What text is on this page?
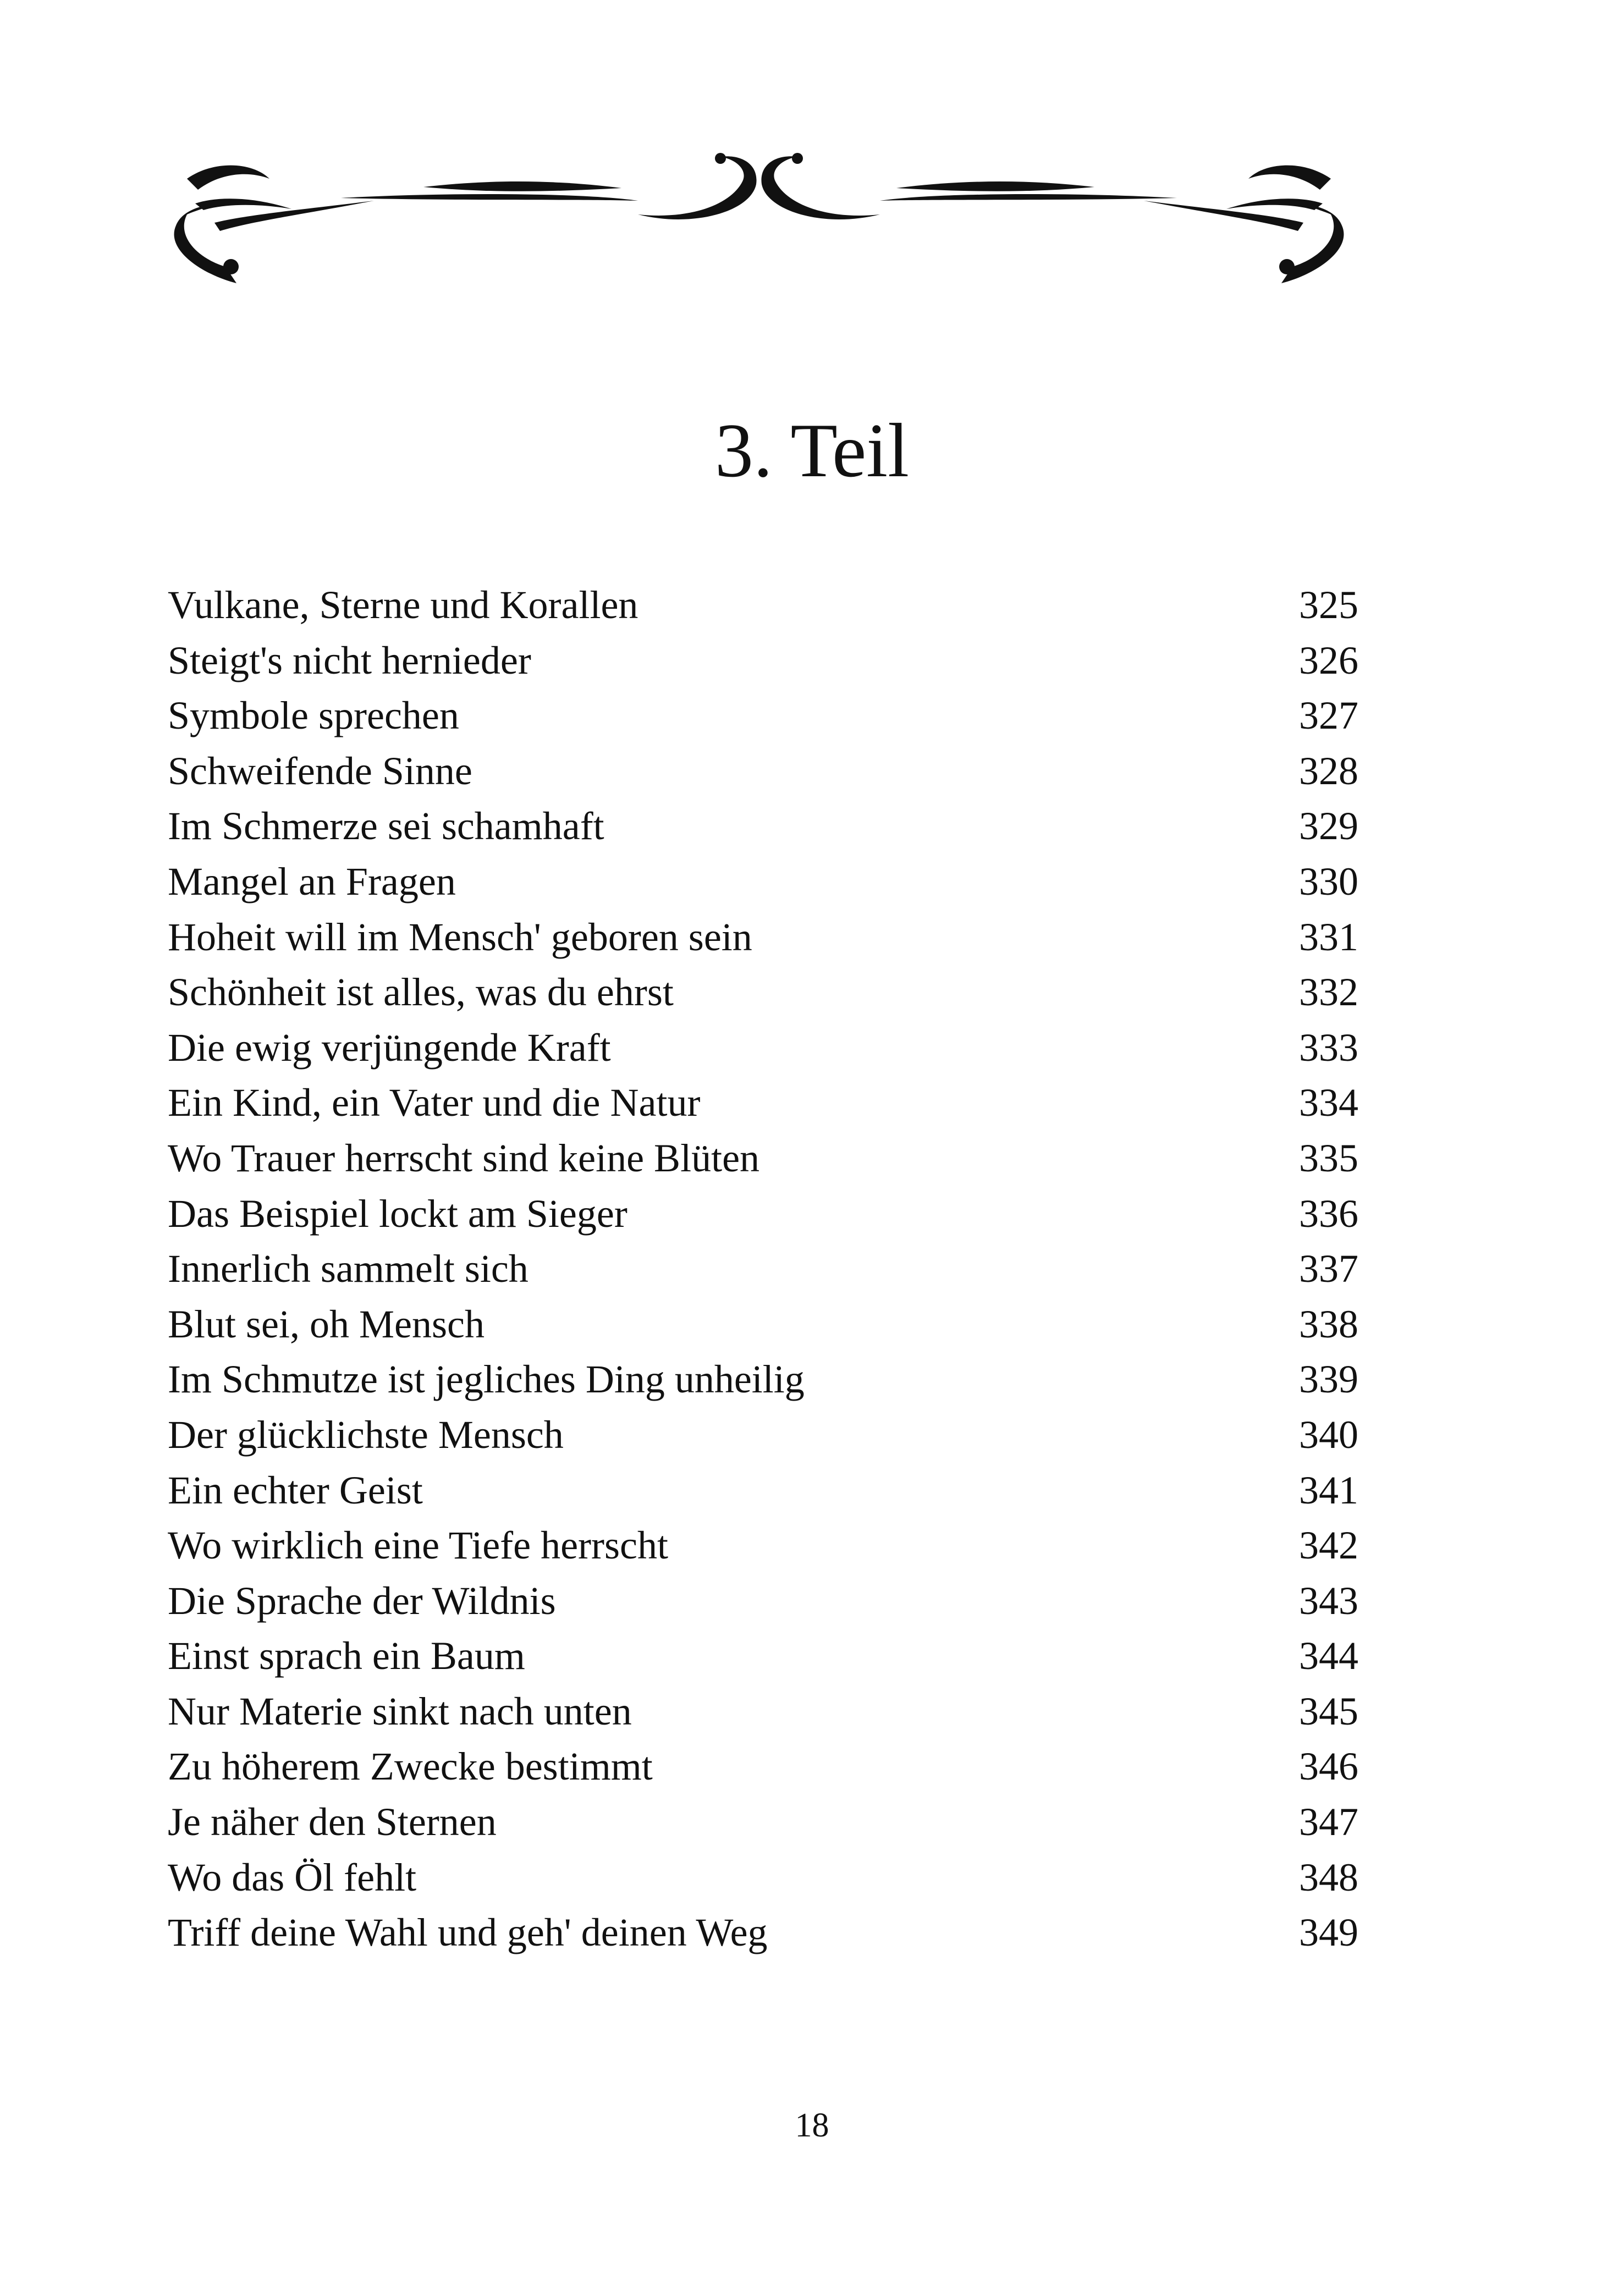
3. Teil
Vulkane, Sterne und Korallen	325
Steigt's nicht hernieder	326
Symbole sprechen	327
Schweifende Sinne	328
Im Schmerze sei schamhaft	329
Mangel an Fragen	330
Hoheit will im Mensch' geboren sein	331
Schönheit ist alles, was du ehrst	332
Die ewig verjüngende Kraft	333
Ein Kind, ein Vater und die Natur	334
Wo Trauer herrscht sind keine Blüten	335
Das Beispiel lockt am Sieger	336
Innerlich sammelt sich	337
Blut sei, oh Mensch	338
Im Schmutze ist jegliches Ding unheilig	339
Der glücklichste Mensch	340
Ein echter Geist	341
Wo wirklich eine Tiefe herrscht	342
Die Sprache der Wildnis	343
Einst sprach ein Baum	344
Nur Materie sinkt nach unten	345
Zu höherem Zwecke bestimmt	346
Je näher den Sternen	347
Wo das Öl fehlt	348
Triff deine Wahl und geh' deinen Weg	349
18
